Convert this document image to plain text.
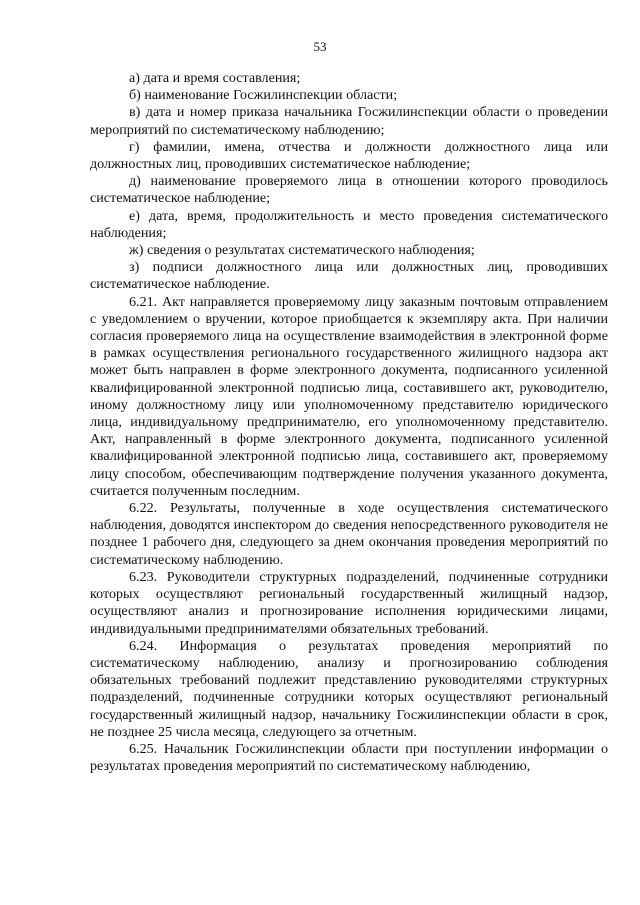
53

а) дата и время составления;

б) наименование Госжилинспекции области;

в) дата и номер приказа начальника Госжилинспекции области о проведении мероприятий по систематическому наблюдению;

г) фамилии, имена, отчества и должности должностного лица или должностных лиц, проводивших систематическое наблюдение;

д) наименование проверяемого лица в отношении которого проводилось систематическое наблюдение;

е) дата, время, продолжительность и место проведения систематического наблюдения;

ж) сведения о результатах систематического наблюдения;

з) подписи должностного лица или должностных лиц, проводивших систематическое наблюдение.

6.21. Акт направляется проверяемому лицу заказным почтовым отправлением с уведомлением о вручении, которое приобщается к экземпляру акта. При наличии согласия проверяемого лица на осуществление взаимодействия в электронной форме в рамках осуществления регионального государственного жилищного надзора акт может быть направлен в форме электронного документа, подписанного усиленной квалифицированной электронной подписью лица, составившего акт, руководителю, иному должностному лицу или уполномоченному представителю юридического лица, индивидуальному предпринимателю, его уполномоченному представителю. Акт, направленный в форме электронного документа, подписанного усиленной квалифицированной электронной подписью лица, составившего акт, проверяемому лицу способом, обеспечивающим подтверждение получения указанного документа, считается полученным последним.

6.22. Результаты, полученные в ходе осуществления систематического наблюдения, доводятся инспектором до сведения непосредственного руководителя не позднее 1 рабочего дня, следующего за днем окончания проведения мероприятий по систематическому наблюдению.

6.23. Руководители структурных подразделений, подчиненные сотрудники которых осуществляют региональный государственный жилищный надзор, осуществляют анализ и прогнозирование исполнения юридическими лицами, индивидуальными предпринимателями обязательных требований.

6.24. Информация о результатах проведения мероприятий по систематическому наблюдению, анализу и прогнозированию соблюдения обязательных требований подлежит представлению руководителями структурных подразделений, подчиненные сотрудники которых осуществляют региональный государственный жилищный надзор, начальнику Госжилинспекции области в срок, не позднее 25 числа месяца, следующего за отчетным.

6.25. Начальник Госжилинспекции области при поступлении информации о результатах проведения мероприятий по систематическому наблюдению,
